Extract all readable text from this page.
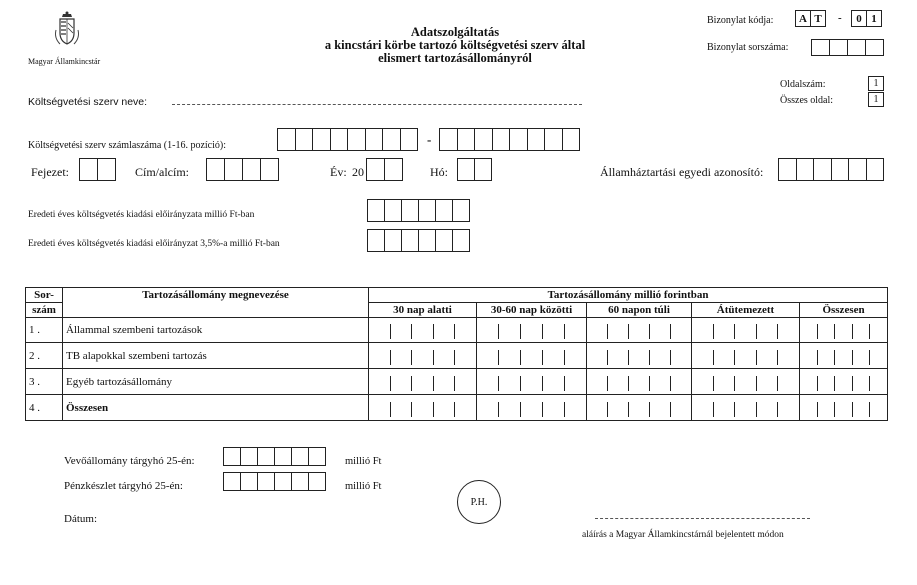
Magyar Államkincstár
Adatszolgáltatás
a kincstári körbe tartozó költségvetési szerv által
elismert tartozásállományról
Bizonylat kódja:	A T	-	0 1
Bizonylat sorszáma:
Oldalszám:	1
Összes oldal:	1
Költségvetési szerv neve:
Költségvetési szerv számlaszáma (1-16. pozíció):	-
Fejezet:	Cím/alcím:	Év: 20	Hó:	Államháztartási egyedi azonosító:
Eredeti éves költségvetés kiadási előirányzata millió Ft-ban
Eredeti éves költségvetés kiadási előirányzat 3,5%-a millió Ft-ban
Sor-	Tartozásállomány megnevezése	Tartozásállomány millió forintban				
szám		30 nap alatti	30-60 nap közötti	60 napon túli	Átütemezett	Összesen
1 .	Állammal szembeni tartozások	

2 .	TB alapokkal szembeni tartozás	

3 .	Egyéb tartozásállomány	

4 .	Összesen	

Vevőállomány tárgyhó 25-én:	millió Ft
Pénzkészlet tárgyhó 25-én:	millió Ft
P.H.
Dátum:
aláírás a Magyar Államkincstárnál bejelentett módon
